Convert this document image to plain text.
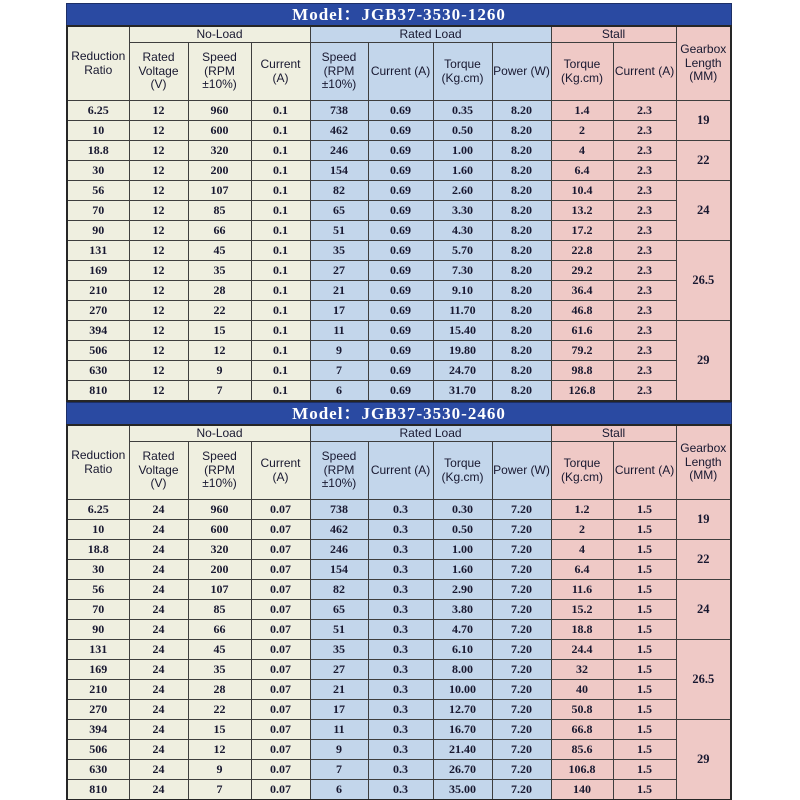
Model：JGB37-3530-1260
Reduction Ratio	No-Load			Rated Load				Stall		Gearbox Length (MM)
	Rated Voltage (V)	Speed (RPM ±10%)	Current (A)	Speed (RPM ±10%)	Current (A)	Torque (Kg.cm)	Power (W)	Torque (Kg.cm)	Current (A)	
6.25	12	960	0.1	738	0.69	0.35	8.20	1.4	2.3	19
10	12	600	0.1	462	0.69	0.50	8.20	2	2.3	
18.8	12	320	0.1	246	0.69	1.00	8.20	4	2.3	22
30	12	200	0.1	154	0.69	1.60	8.20	6.4	2.3	
56	12	107	0.1	82	0.69	2.60	8.20	10.4	2.3	24
70	12	85	0.1	65	0.69	3.30	8.20	13.2	2.3	
90	12	66	0.1	51	0.69	4.30	8.20	17.2	2.3	
131	12	45	0.1	35	0.69	5.70	8.20	22.8	2.3	26.5
169	12	35	0.1	27	0.69	7.30	8.20	29.2	2.3	
210	12	28	0.1	21	0.69	9.10	8.20	36.4	2.3	
270	12	22	0.1	17	0.69	11.70	8.20	46.8	2.3	
394	12	15	0.1	11	0.69	15.40	8.20	61.6	2.3	29
506	12	12	0.1	9	0.69	19.80	8.20	79.2	2.3	
630	12	9	0.1	7	0.69	24.70	8.20	98.8	2.3	
810	12	7	0.1	6	0.69	31.70	8.20	126.8	2.3	
Model：JGB37-3530-2460
Reduction Ratio	No-Load			Rated Load				Stall		Gearbox Length (MM)
	Rated Voltage (V)	Speed (RPM ±10%)	Current (A)	Speed (RPM ±10%)	Current (A)	Torque (Kg.cm)	Power (W)	Torque (Kg.cm)	Current (A)	
6.25	24	960	0.07	738	0.3	0.30	7.20	1.2	1.5	19
10	24	600	0.07	462	0.3	0.50	7.20	2	1.5	
18.8	24	320	0.07	246	0.3	1.00	7.20	4	1.5	22
30	24	200	0.07	154	0.3	1.60	7.20	6.4	1.5	
56	24	107	0.07	82	0.3	2.90	7.20	11.6	1.5	24
70	24	85	0.07	65	0.3	3.80	7.20	15.2	1.5	
90	24	66	0.07	51	0.3	4.70	7.20	18.8	1.5	
131	24	45	0.07	35	0.3	6.10	7.20	24.4	1.5	26.5
169	24	35	0.07	27	0.3	8.00	7.20	32	1.5	
210	24	28	0.07	21	0.3	10.00	7.20	40	1.5	
270	24	22	0.07	17	0.3	12.70	7.20	50.8	1.5	
394	24	15	0.07	11	0.3	16.70	7.20	66.8	1.5	29
506	24	12	0.07	9	0.3	21.40	7.20	85.6	1.5	
630	24	9	0.07	7	0.3	26.70	7.20	106.8	1.5	
810	24	7	0.07	6	0.3	35.00	7.20	140	1.5	
